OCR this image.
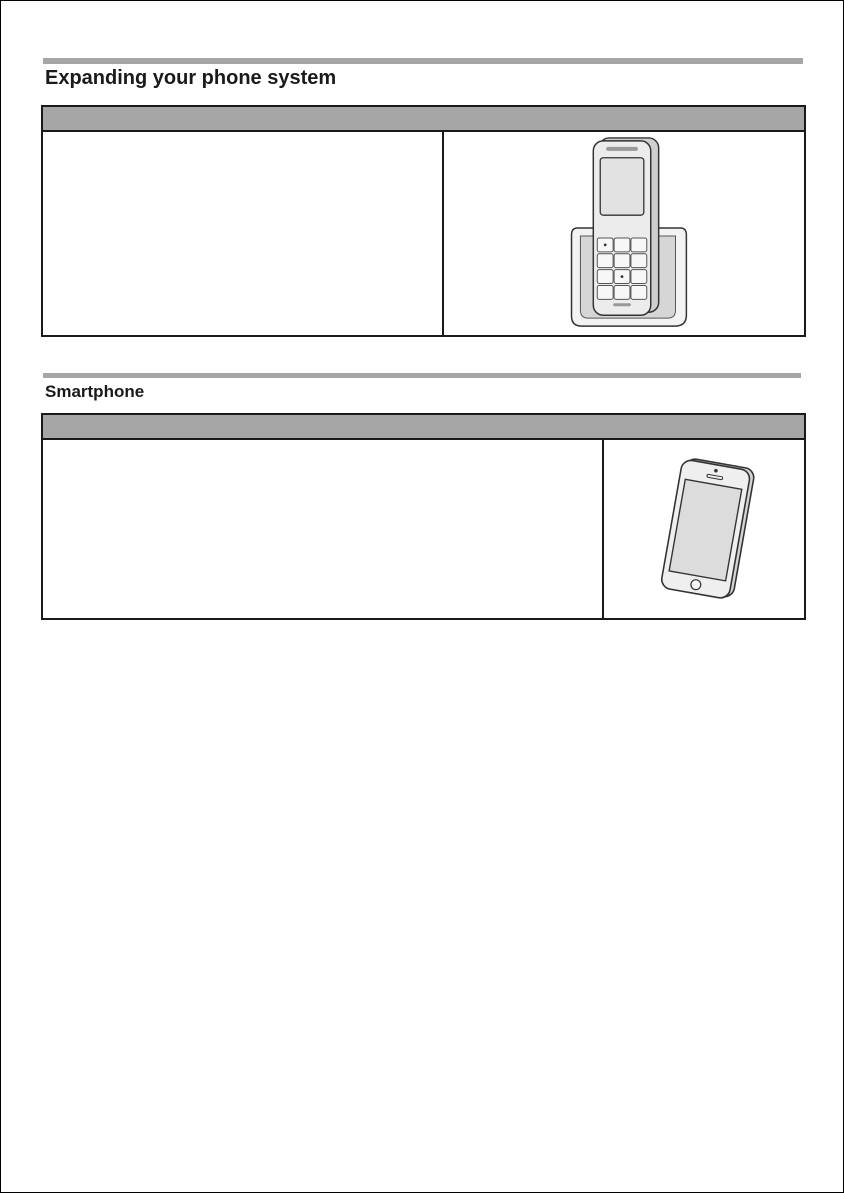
Expanding your phone system
Smartphone
